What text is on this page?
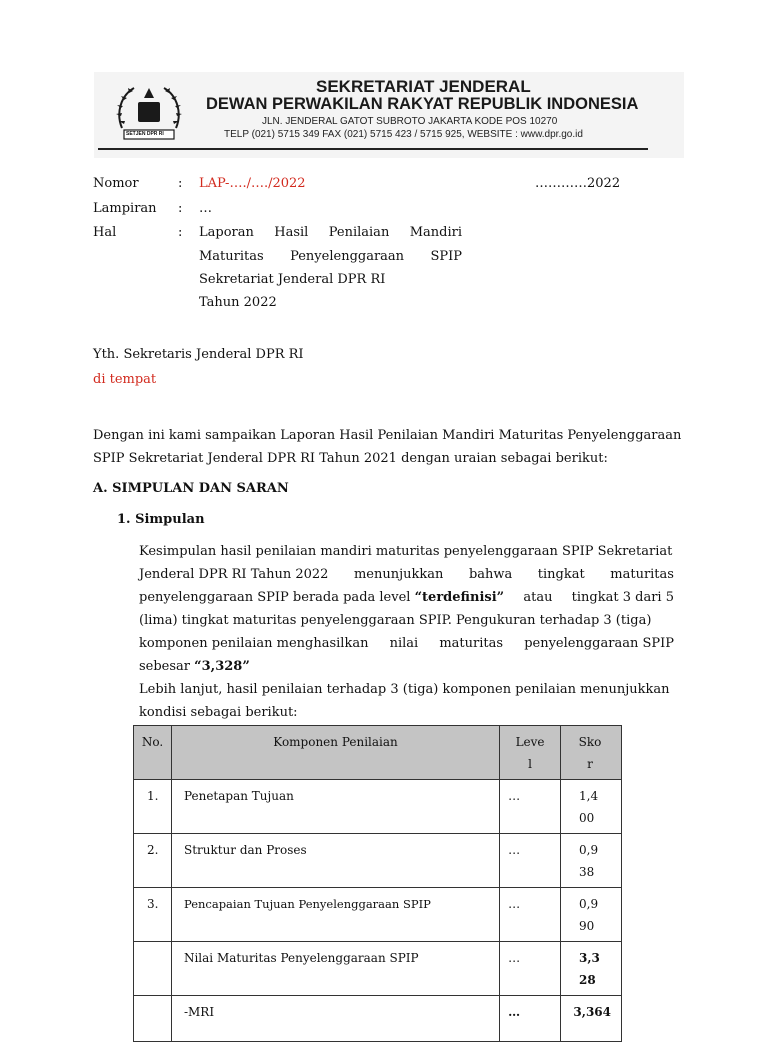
SETJEN DPR RI
SEKRETARIAT JENDERAL
DEWAN PERWAKILAN RAKYAT REPUBLIK INDONESIA
JLN. JENDERAL GATOT SUBROTO JAKARTA KODE POS 10270
TELP (021) 5715 349 FAX (021) 5715 423 / 5715 925, WEBSITE : www.dpr.go.id
Nomor	: LAP-…./…./2022	…………2022
Lampiran : …
Hal	: Laporan Hasil Penilaian Mandiri
Maturitas Penyelenggaraan SPIP
Sekretariat Jenderal DPR RI
Tahun 2022
Yth. Sekretaris Jenderal DPR RI
di tempat
Dengan ini kami sampaikan Laporan Hasil Penilaian Mandiri Maturitas Penyelenggaraan
SPIP Sekretariat Jenderal DPR RI Tahun 2021 dengan uraian sebagai berikut:
A. SIMPULAN DAN SARAN
1. Simpulan
Kesimpulan hasil penilaian mandiri maturitas penyelenggaraan SPIP Sekretariat
Jenderal DPR RI Tahun 2022 menunjukkan bahwa tingkat maturitas
penyelenggaraan SPIP berada pada level “terdefinisi” atau tingkat 3 dari 5
(lima) tingkat maturitas penyelenggaraan SPIP. Pengukuran terhadap 3 (tiga)
komponen penilaian menghasilkan nilai maturitas penyelenggaraan SPIP
sebesar “3,328”
Lebih lanjut, hasil penilaian terhadap 3 (tiga) komponen penilaian menunjukkan
kondisi sebagai berikut:
No.	Komponen Penilaian	Level	Skor

1.	Penetapan Tujuan	…	1,400

2.	Struktur dan Proses	…	0,938

3.	Pencapaian Tujuan Penyelenggaraan SPIP	…	0,990

	Nilai Maturitas Penyelenggaraan SPIP	…	3,328

	-MRI	…	3,364
